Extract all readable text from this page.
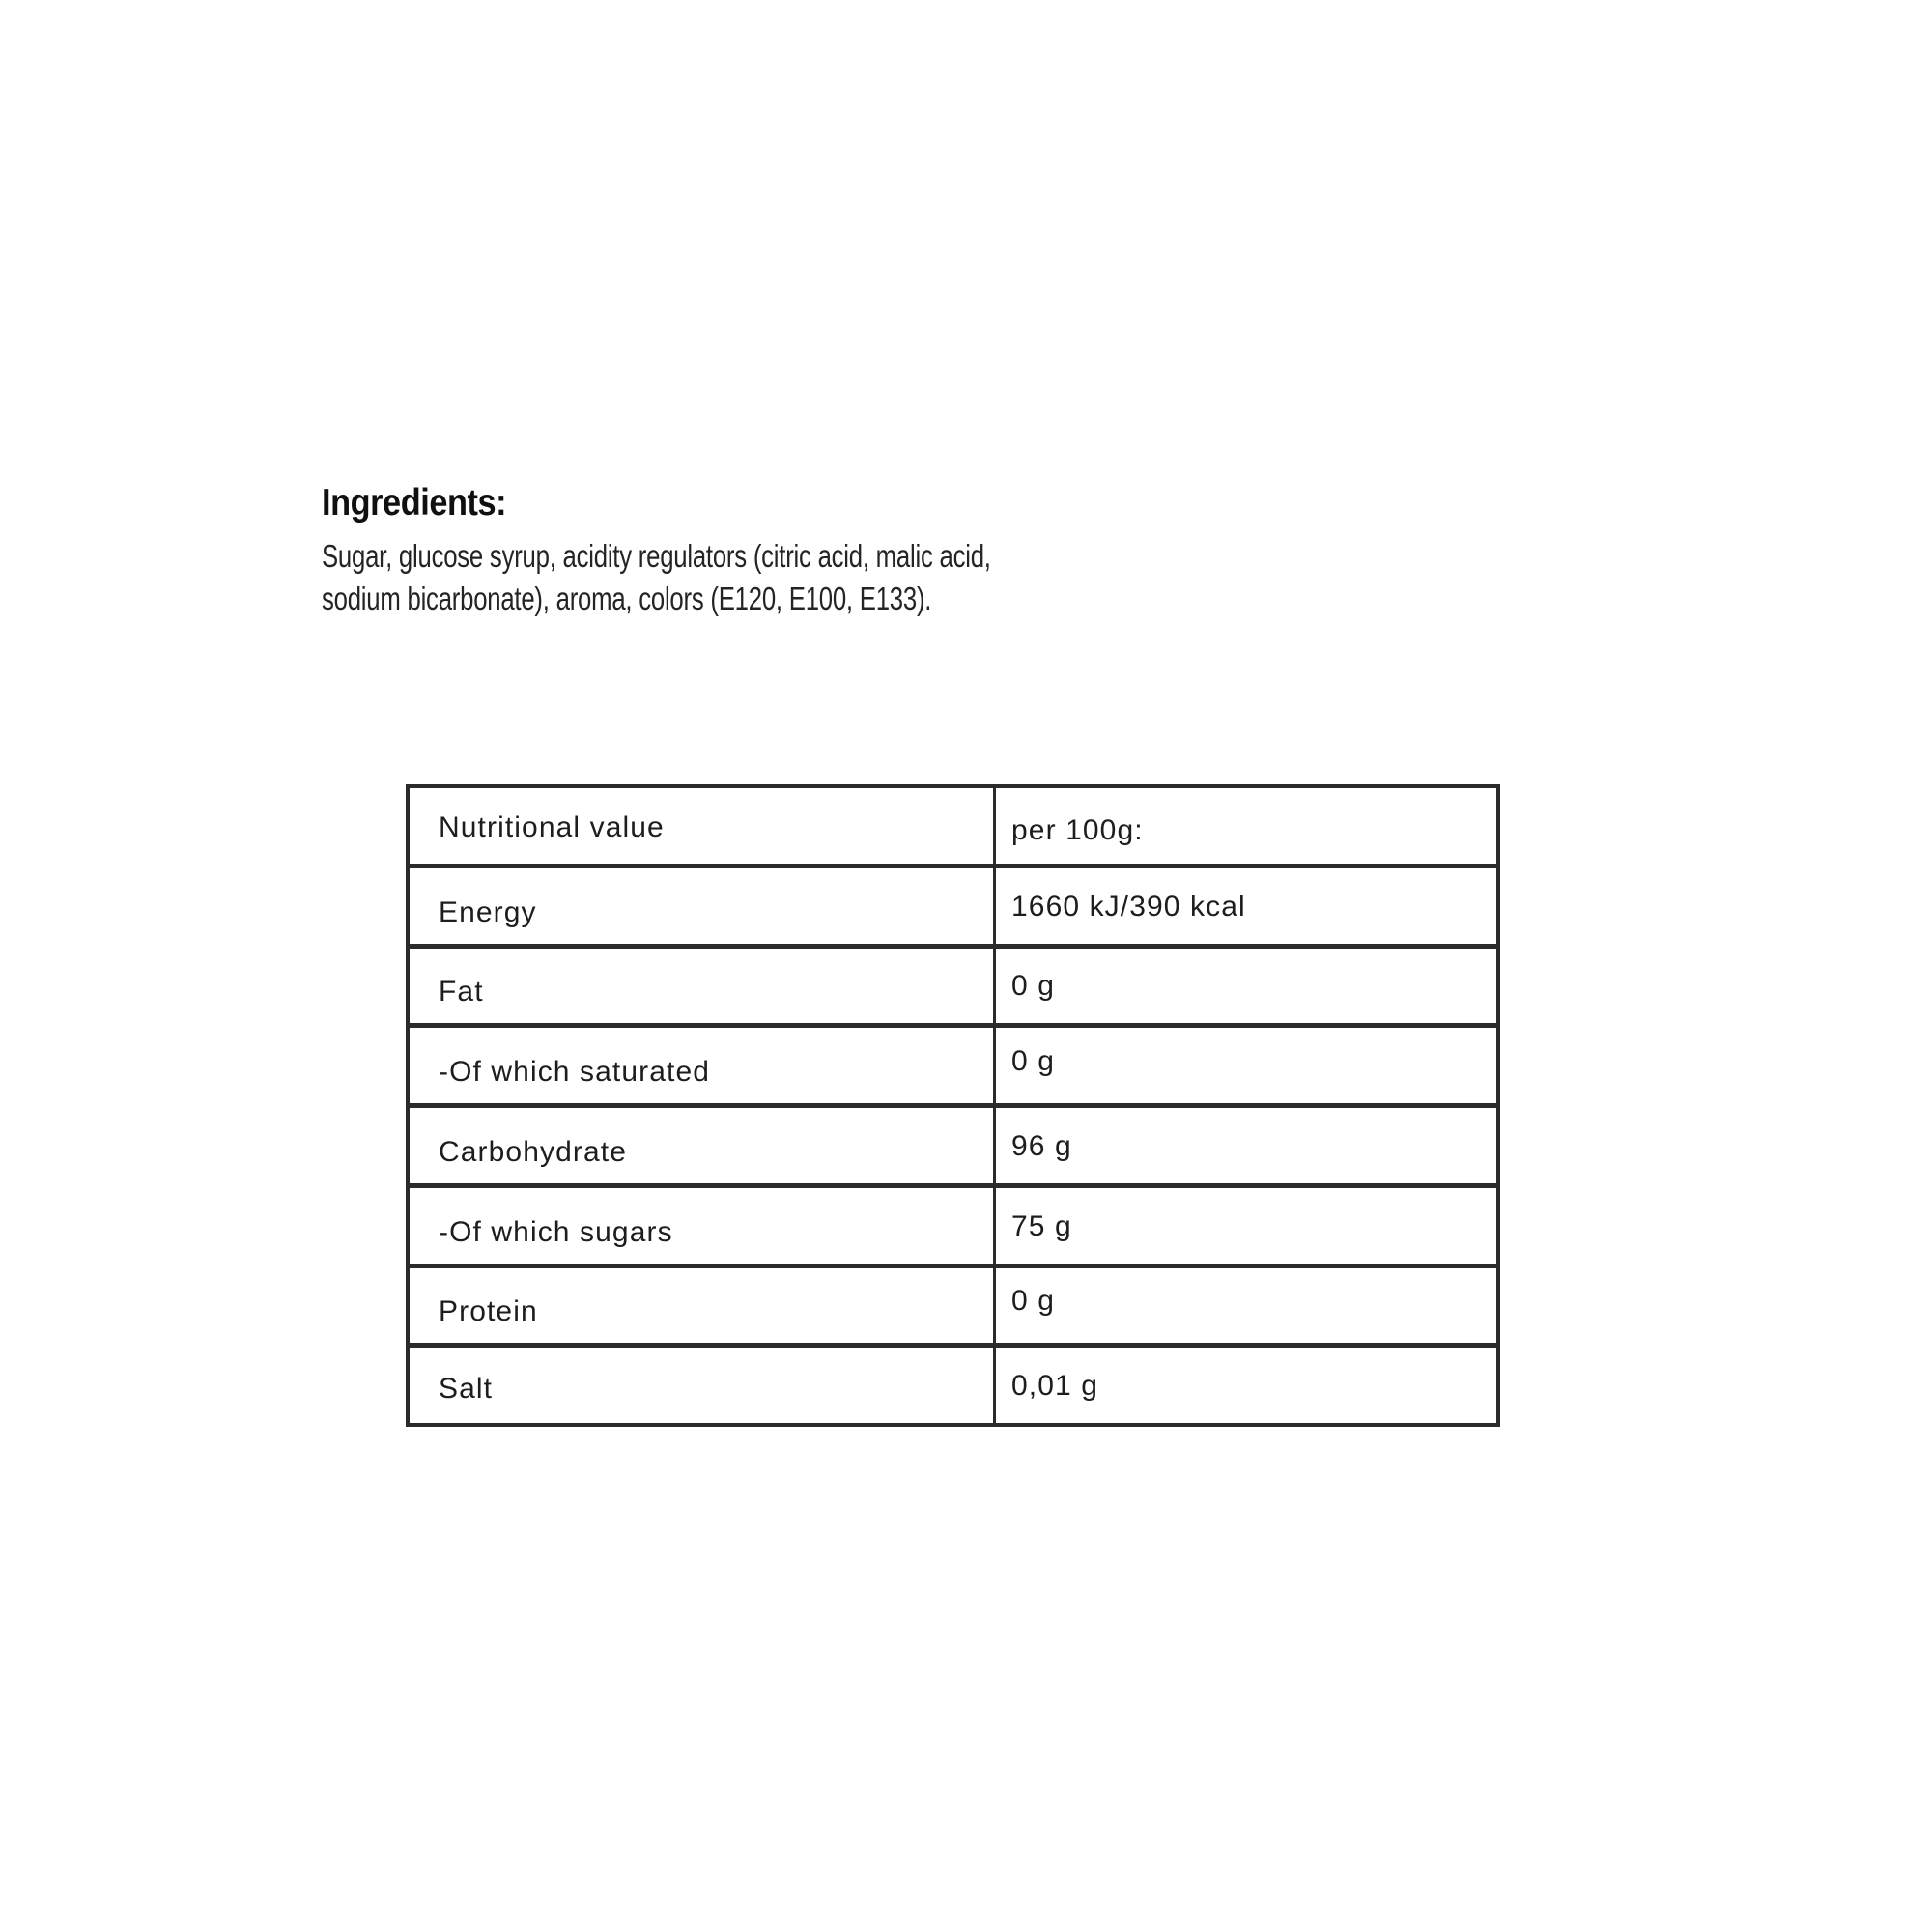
Ingredients:
Sugar, glucose syrup, acidity regulators (citric acid, malic acid,
sodium bicarbonate), aroma, colors (E120, E100, E133).
Nutritional value	per 100g:
Energy	1660 kJ/390 kcal
Fat	0 g
-Of which saturated	0 g
Carbohydrate	96 g
-Of which sugars	75 g
Protein	0 g
Salt	0,01 g
